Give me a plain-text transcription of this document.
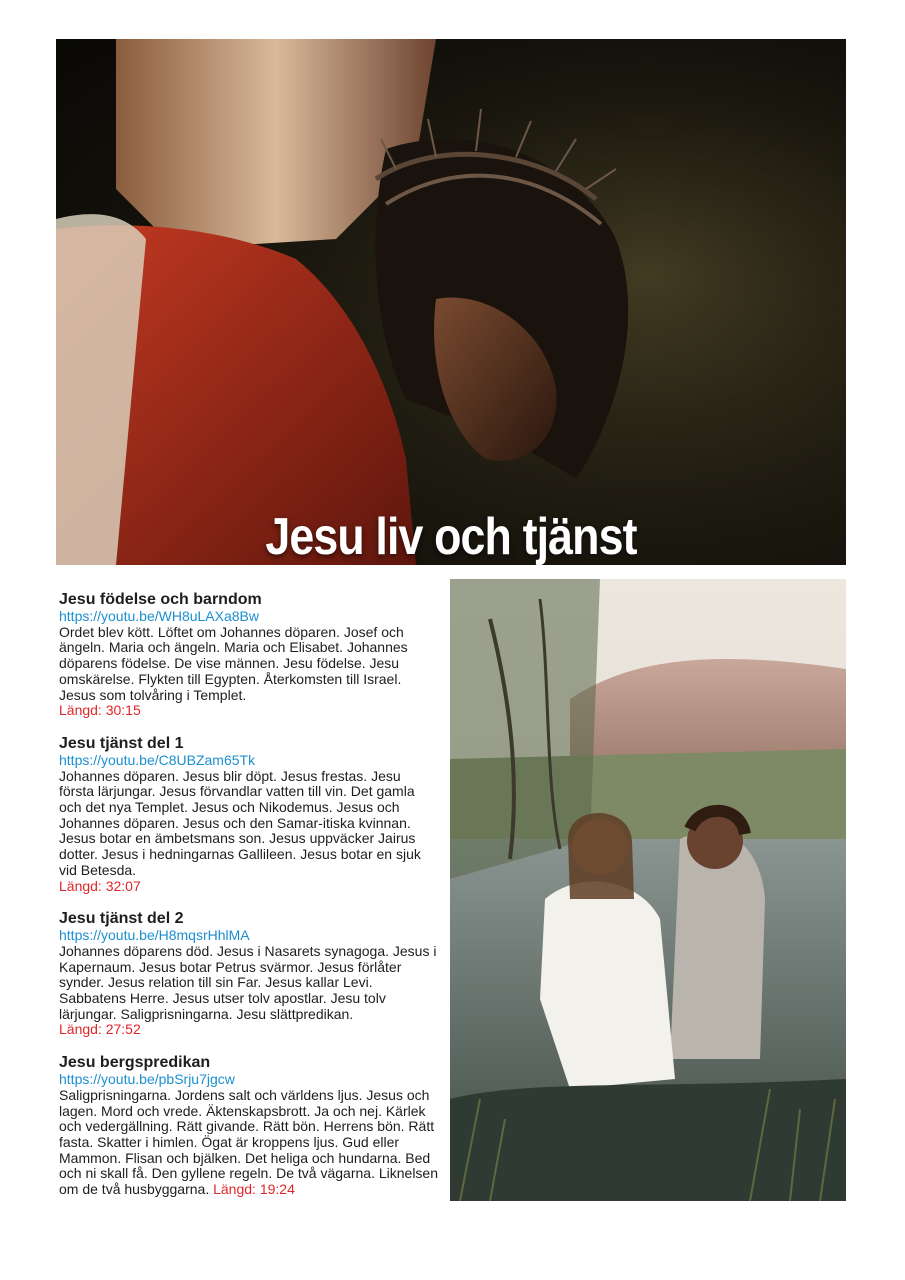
Jesu liv och tjänst
Jesu födelse och barndom
https://youtu.be/WH8uLAXa8Bw
Ordet blev kött. Löftet om Johannes döparen. Josef och ängeln. Maria och ängeln. Maria och Elisabet. Johannes döparens födelse. De vise männen. Jesu födelse. Jesu omskärelse. Flykten till Egypten. Återkomsten till Israel. Jesus som tolvåring i Templet.
Längd: 30:15
Jesu tjänst del 1
https://youtu.be/C8UBZam65Tk
Johannes döparen. Jesus blir döpt. Jesus frestas. Jesu första lärjungar. Jesus förvandlar vatten till vin. Det gamla och det nya Templet. Jesus och Nikodemus. Jesus och Johannes döparen. Jesus och den Samar-itiska kvinnan. Jesus botar en ämbetsmans son. Jesus uppväcker Jairus dotter. Jesus i hedningarnas Gallileen. Jesus botar en sjuk vid Betesda.
Längd: 32:07
Jesu tjänst del 2
https://youtu.be/H8mqsrHhlMA
Johannes döparens död. Jesus i Nasarets synagoga. Jesus i Kapernaum. Jesus botar Petrus svärmor. Jesus förlåter synder. Jesus relation till sin Far. Jesus kallar Levi. Sabbatens Herre. Jesus utser tolv apostlar. Jesu tolv lärjungar. Saligprisningarna. Jesu slättpredikan.
Längd: 27:52
Jesu bergspredikan
https://youtu.be/pbSrju7jgcw
Saligprisningarna. Jordens salt och världens ljus. Jesus och lagen. Mord och vrede. Äktenskapsbrott. Ja och nej. Kärlek och vedergällning. Rätt givande. Rätt bön. Herrens bön. Rätt fasta. Skatter i himlen. Ögat är kroppens ljus. Gud eller Mammon. Flisan och bjälken. Det heliga och hundarna. Bed och ni skall få. Den gyllene regeln. De två vägarna. Liknelsen om de två husbyggarna. Längd: 19:24
